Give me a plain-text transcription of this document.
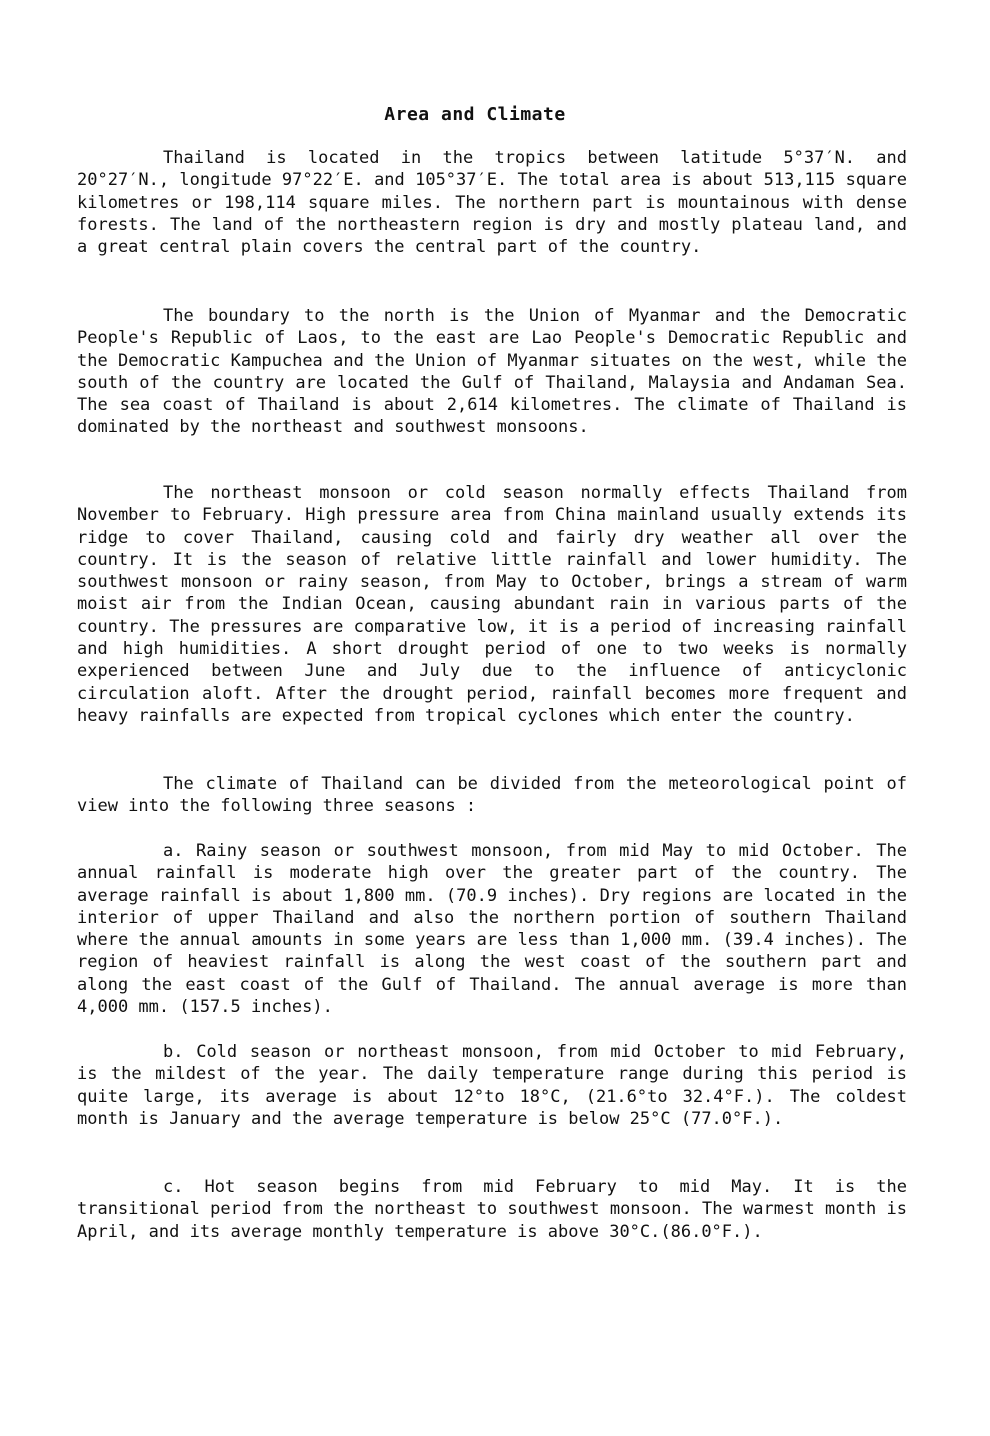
Area and Climate

Thailand is located in the tropics between latitude 5°37′N. and 20°27′N., longitude 97°22′E. and 105°37′E. The total area is about 513,115 square kilometres or 198,114 square miles. The northern part is mountainous with dense forests. The land of the northeastern region is dry and mostly plateau land, and a great central plain covers the central part of the country.

The boundary to the north is the Union of Myanmar and the Democratic People's Republic of Laos, to the east are Lao People's Democratic Republic and the Democratic Kampuchea and the Union of Myanmar situates on the west, while the south of the country are located the Gulf of Thailand, Malaysia and Andaman Sea. The sea coast of Thailand is about 2,614 kilometres. The climate of Thailand is dominated by the northeast and southwest monsoons.

The northeast monsoon or cold season normally effects Thailand from November to February. High pressure area from China mainland usually extends its ridge to cover Thailand, causing cold and fairly dry weather all over the country. It is the season of relative little rainfall and lower humidity. The southwest monsoon or rainy season, from May to October, brings a stream of warm moist air from the Indian Ocean, causing abundant rain in various parts of the country. The pressures are comparative low, it is a period of increasing rainfall and high humidities. A short drought period of one to two weeks is normally experienced between June and July due to the influence of anticyclonic circulation aloft. After the drought period, rainfall becomes more frequent and heavy rainfalls are expected from tropical cyclones which enter the country.

The climate of Thailand can be divided from the meteorological point of view into the following three seasons :

a. Rainy season or southwest monsoon, from mid May to mid October. The annual rainfall is moderate high over the greater part of the country. The average rainfall is about 1,800 mm. (70.9 inches). Dry regions are located in the interior of upper Thailand and also the northern portion of southern Thailand where the annual amounts in some years are less than 1,000 mm. (39.4 inches). The region of heaviest rainfall is along the west coast of the southern part and along the east coast of the Gulf of Thailand. The annual average is more than 4,000 mm. (157.5 inches).

b. Cold season or northeast monsoon, from mid October to mid February, is the mildest of the year. The daily temperature range during this period is quite large, its average is about 12°to 18°C, (21.6°to 32.4°F.). The coldest month is January and the average temperature is below 25°C (77.0°F.).

c. Hot season begins from mid February to mid May. It is the transitional period from the northeast to southwest monsoon. The warmest month is April, and its average monthly temperature is above 30°C.(86.0°F.).
